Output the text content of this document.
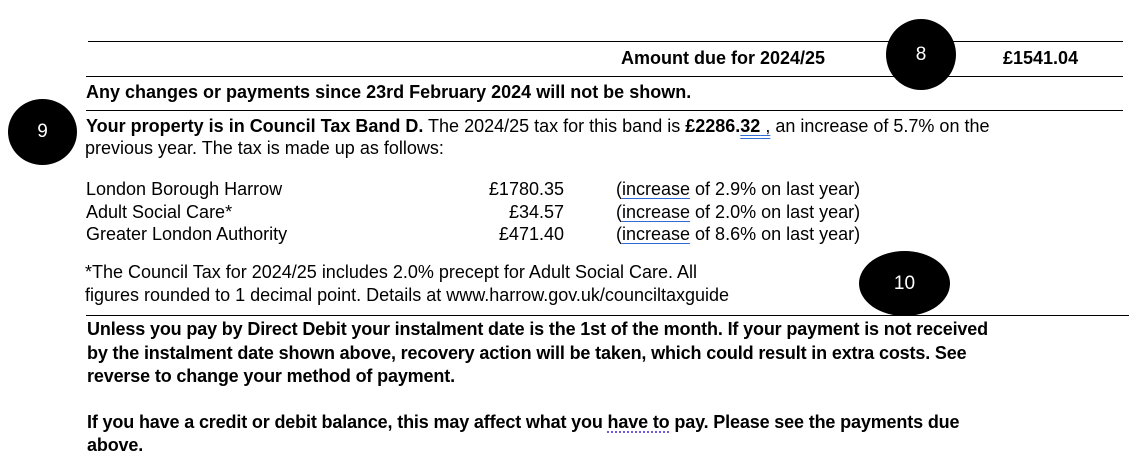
Amount due for 2024/25	£1541.04
Any changes or payments since 23rd February 2024 will not be shown.
Your property is in Council Tax Band D. The 2024/25 tax for this band is £2286.32 , an increase of 5.7% on the
previous year. The tax is made up as follows:
London Borough Harrow	£1780.35	(increase of 2.9% on last year)
Adult Social Care*	£34.57	(increase of 2.0% on last year)
Greater London Authority	£471.40	(increase of 8.6% on last year)
*The Council Tax for 2024/25 includes 2.0% precept for Adult Social Care. All
figures rounded to 1 decimal point. Details at www.harrow.gov.uk/counciltaxguide
Unless you pay by Direct Debit your instalment date is the 1st of the month. If your payment is not received
by the instalment date shown above, recovery action will be taken, which could result in extra costs. See
reverse to change your method of payment.
If you have a credit or debit balance, this may affect what you have to pay. Please see the payments due
above.
8
9
10
